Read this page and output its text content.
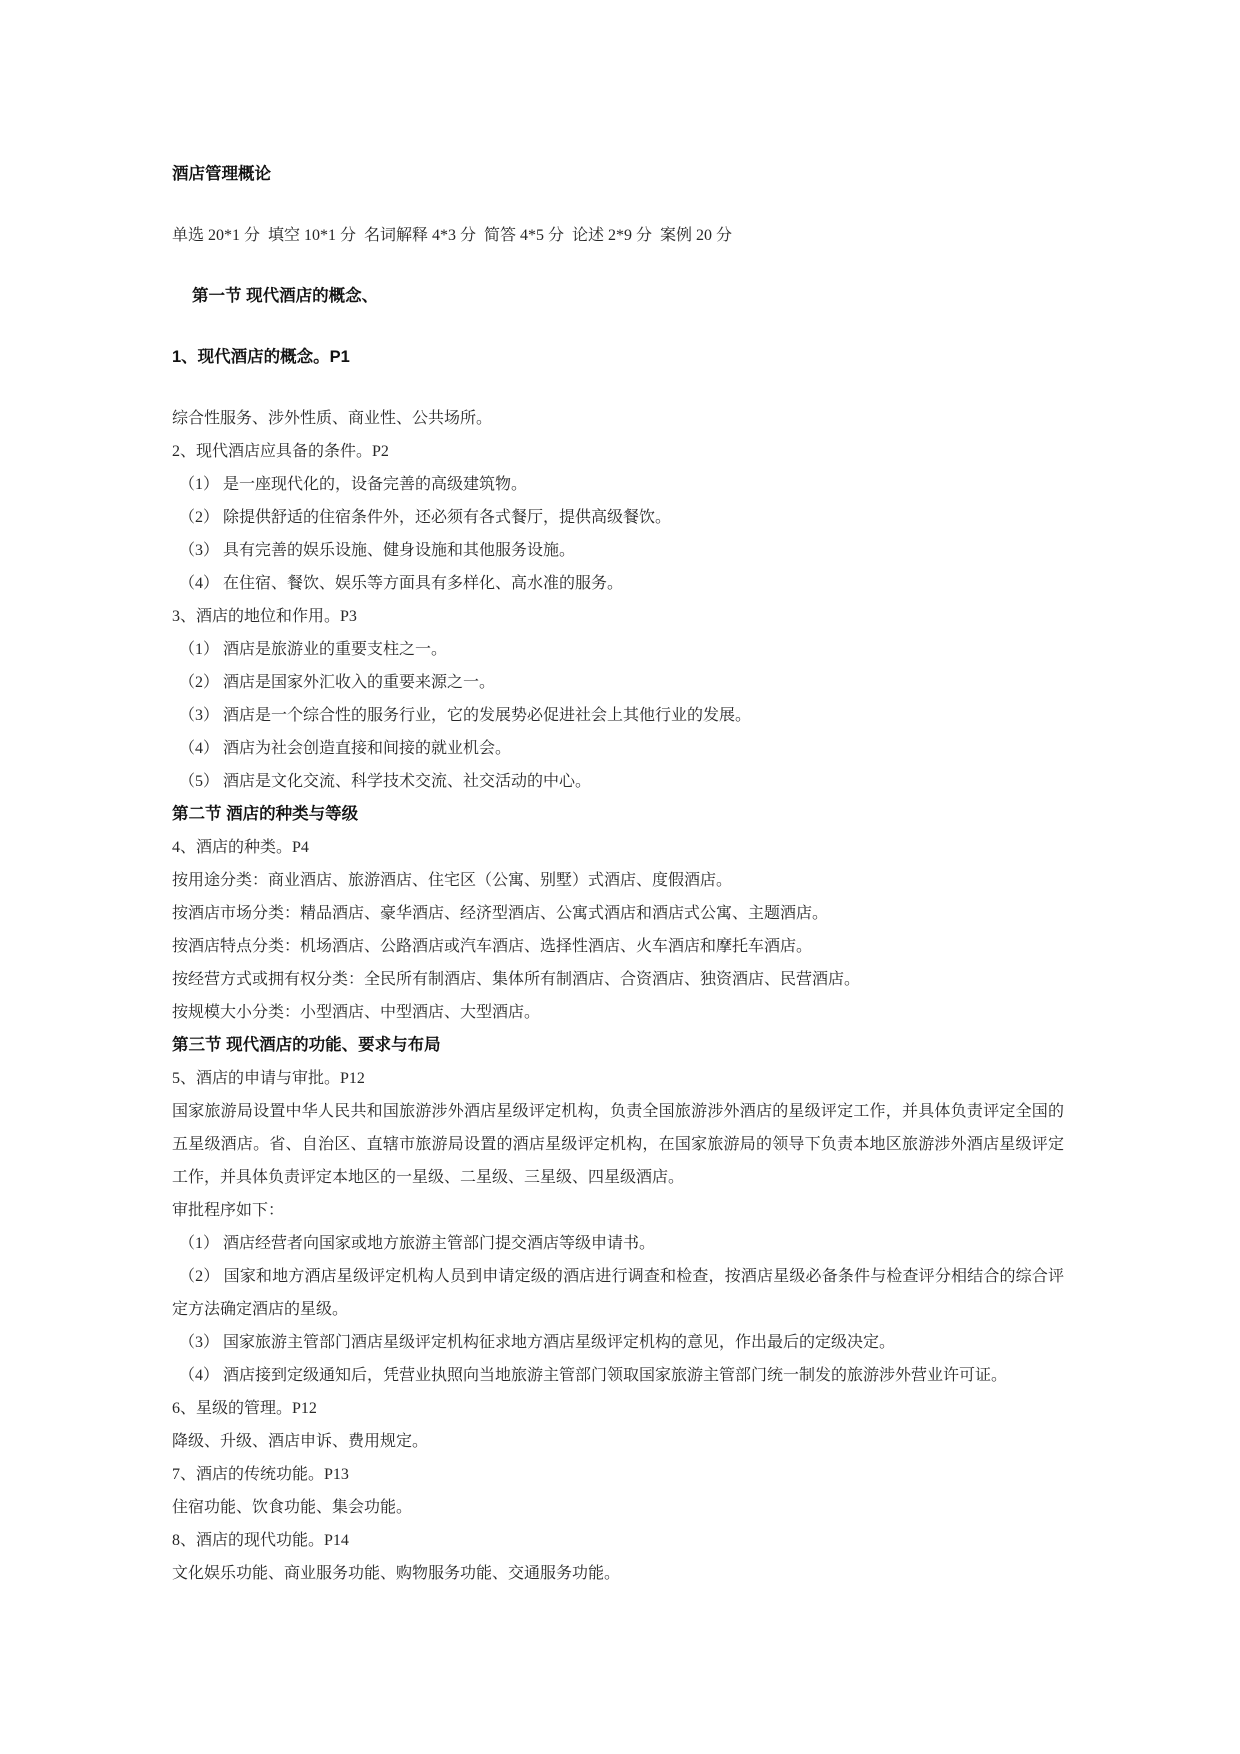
酒店管理概论
单选 20*1 分  填空 10*1 分  名词解释 4*3 分  简答 4*5 分  论述 2*9 分  案例 20 分
第一节 现代酒店的概念、
1、现代酒店的概念。P1
综合性服务、涉外性质、商业性、公共场所。
2、现代酒店应具备的条件。P2
（1） 是一座现代化的，设备完善的高级建筑物。
（2） 除提供舒适的住宿条件外，还必须有各式餐厅，提供高级餐饮。
（3） 具有完善的娱乐设施、健身设施和其他服务设施。
（4） 在住宿、餐饮、娱乐等方面具有多样化、高水准的服务。
3、酒店的地位和作用。P3
（1） 酒店是旅游业的重要支柱之一。
（2） 酒店是国家外汇收入的重要来源之一。
（3） 酒店是一个综合性的服务行业，它的发展势必促进社会上其他行业的发展。
（4） 酒店为社会创造直接和间接的就业机会。
（5） 酒店是文化交流、科学技术交流、社交活动的中心。
第二节 酒店的种类与等级
4、酒店的种类。P4
按用途分类：商业酒店、旅游酒店、住宅区（公寓、别墅）式酒店、度假酒店。
按酒店市场分类：精品酒店、豪华酒店、经济型酒店、公寓式酒店和酒店式公寓、主题酒店。
按酒店特点分类：机场酒店、公路酒店或汽车酒店、选择性酒店、火车酒店和摩托车酒店。
按经营方式或拥有权分类：全民所有制酒店、集体所有制酒店、合资酒店、独资酒店、民营酒店。
按规模大小分类：小型酒店、中型酒店、大型酒店。
第三节 现代酒店的功能、要求与布局
5、酒店的申请与审批。P12
国家旅游局设置中华人民共和国旅游涉外酒店星级评定机构，负责全国旅游涉外酒店的星级评定工作，并具体负责评定全国的五星级酒店。省、自治区、直辖市旅游局设置的酒店星级评定机构，在国家旅游局的领导下负责本地区旅游涉外酒店星级评定工作，并具体负责评定本地区的一星级、二星级、三星级、四星级酒店。
审批程序如下：
（1） 酒店经营者向国家或地方旅游主管部门提交酒店等级申请书。
（2） 国家和地方酒店星级评定机构人员到申请定级的酒店进行调查和检查，按酒店星级必备条件与检查评分相结合的综合评定方法确定酒店的星级。
（3） 国家旅游主管部门酒店星级评定机构征求地方酒店星级评定机构的意见，作出最后的定级决定。
（4） 酒店接到定级通知后，凭营业执照向当地旅游主管部门领取国家旅游主管部门统一制发的旅游涉外营业许可证。
6、星级的管理。P12
降级、升级、酒店申诉、费用规定。
7、酒店的传统功能。P13
住宿功能、饮食功能、集会功能。
8、酒店的现代功能。P14
文化娱乐功能、商业服务功能、购物服务功能、交通服务功能。
